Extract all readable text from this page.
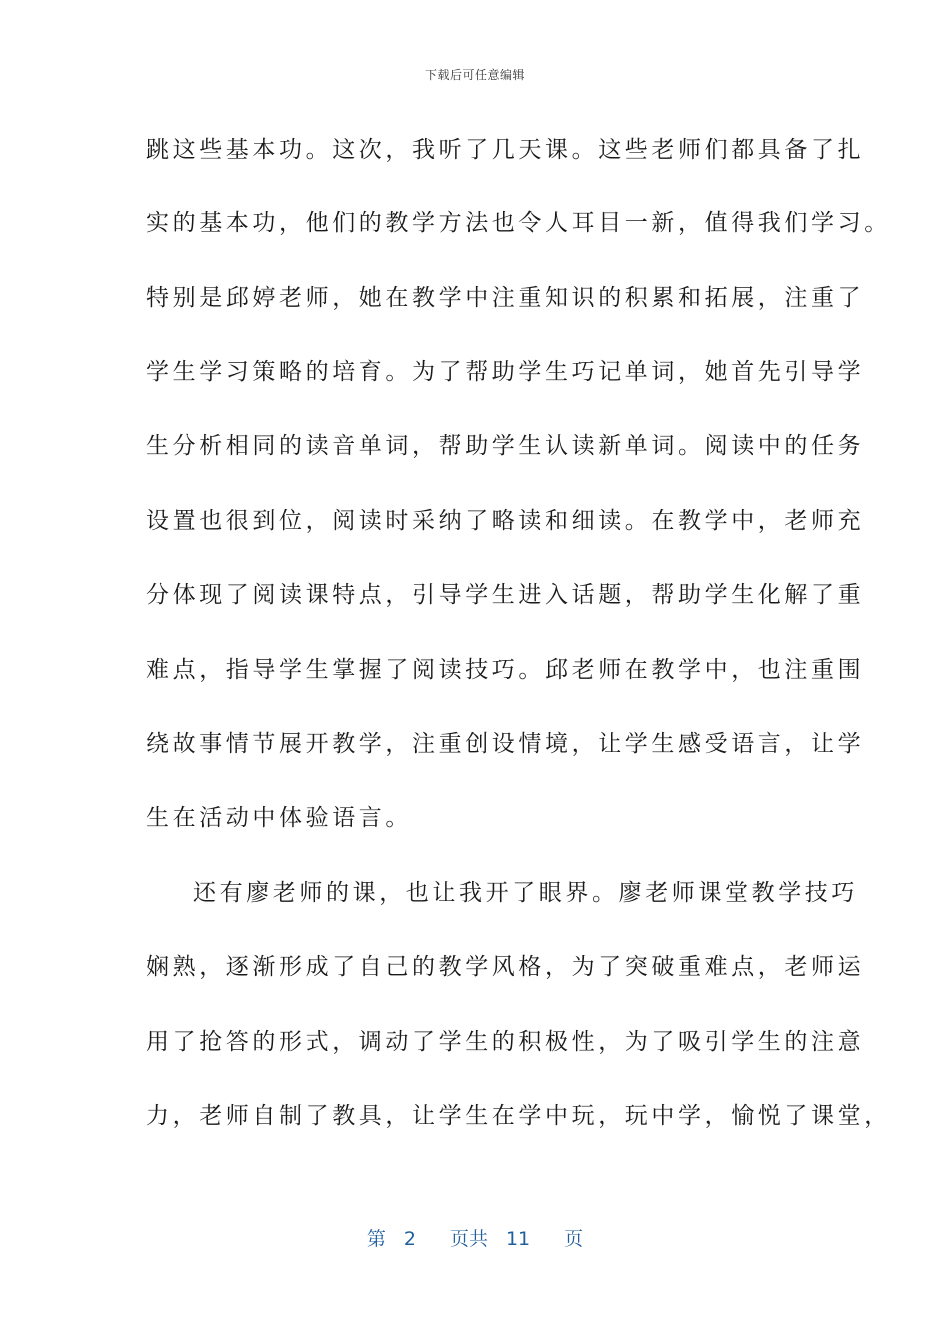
下载后可任意编辑
跳这些基本功。这次，我听了几天课。这些老师们都具备了扎
实的基本功，他们的教学方法也令人耳目一新，值得我们学习。
特别是邱婷老师，她在教学中注重知识的积累和拓展，注重了
学生学习策略的培育。为了帮助学生巧记单词，她首先引导学
生分析相同的读音单词，帮助学生认读新单词。阅读中的任务
设置也很到位，阅读时采纳了略读和细读。在教学中，老师充
分体现了阅读课特点，引导学生进入话题，帮助学生化解了重
难点，指导学生掌握了阅读技巧。邱老师在教学中，也注重围
绕故事情节展开教学，注重创设情境，让学生感受语言，让学
生在活动中体验语言。
还有廖老师的课，也让我开了眼界。廖老师课堂教学技巧
娴熟，逐渐形成了自己的教学风格，为了突破重难点，老师运
用了抢答的形式，调动了学生的积极性，为了吸引学生的注意
力，老师自制了教具，让学生在学中玩，玩中学，愉悦了课堂，
第 2 页共 11 页
